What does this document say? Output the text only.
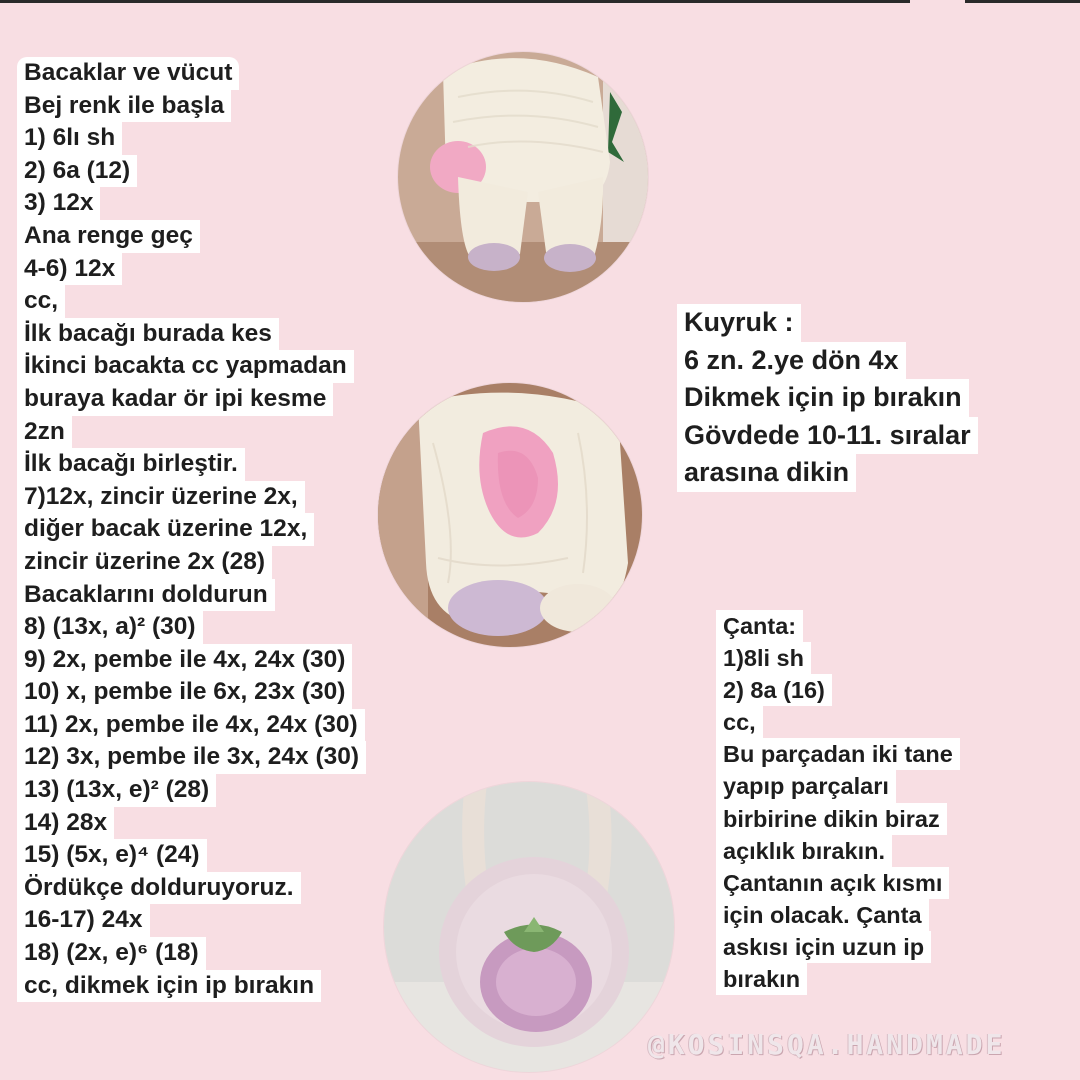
Bacaklar ve vücut
Bej renk ile başla
1) 6lı sh
2) 6a (12)
3) 12x
Ana renge geç
4-6) 12x
cc,
İlk bacağı burada kes
İkinci bacakta cc yapmadan
buraya kadar ör ipi kesme
2zn
İlk bacağı birleştir.
7)12x, zincir üzerine 2x,
diğer bacak üzerine 12x,
zincir üzerine 2x (28)
Bacaklarını doldurun
8) (13x, a)² (30)
9) 2x, pembe ile 4x, 24x (30)
10) x, pembe ile 6x, 23x (30)
11) 2x, pembe ile 4x, 24x (30)
12) 3x, pembe ile 3x, 24x (30)
13) (13x, e)² (28)
14) 28x
15) (5x, e)⁴ (24)
Ördükçe dolduruyoruz.
16-17) 24x
18) (2x, e)⁶ (18)
cc, dikmek için ip bırakın
Kuyruk :
6 zn. 2.ye dön 4x
Dikmek için ip bırakın
Gövdede 10-11. sıralar
arasına dikin
Çanta:
1)8li sh
2) 8a (16)
cc,
Bu parçadan iki tane
yapıp parçaları
birbirine dikin biraz
açıklık bırakın.
Çantanın açık kısmı
için olacak. Çanta
askısı için uzun ip
bırakın
@KOSINSQA.HANDMADE
